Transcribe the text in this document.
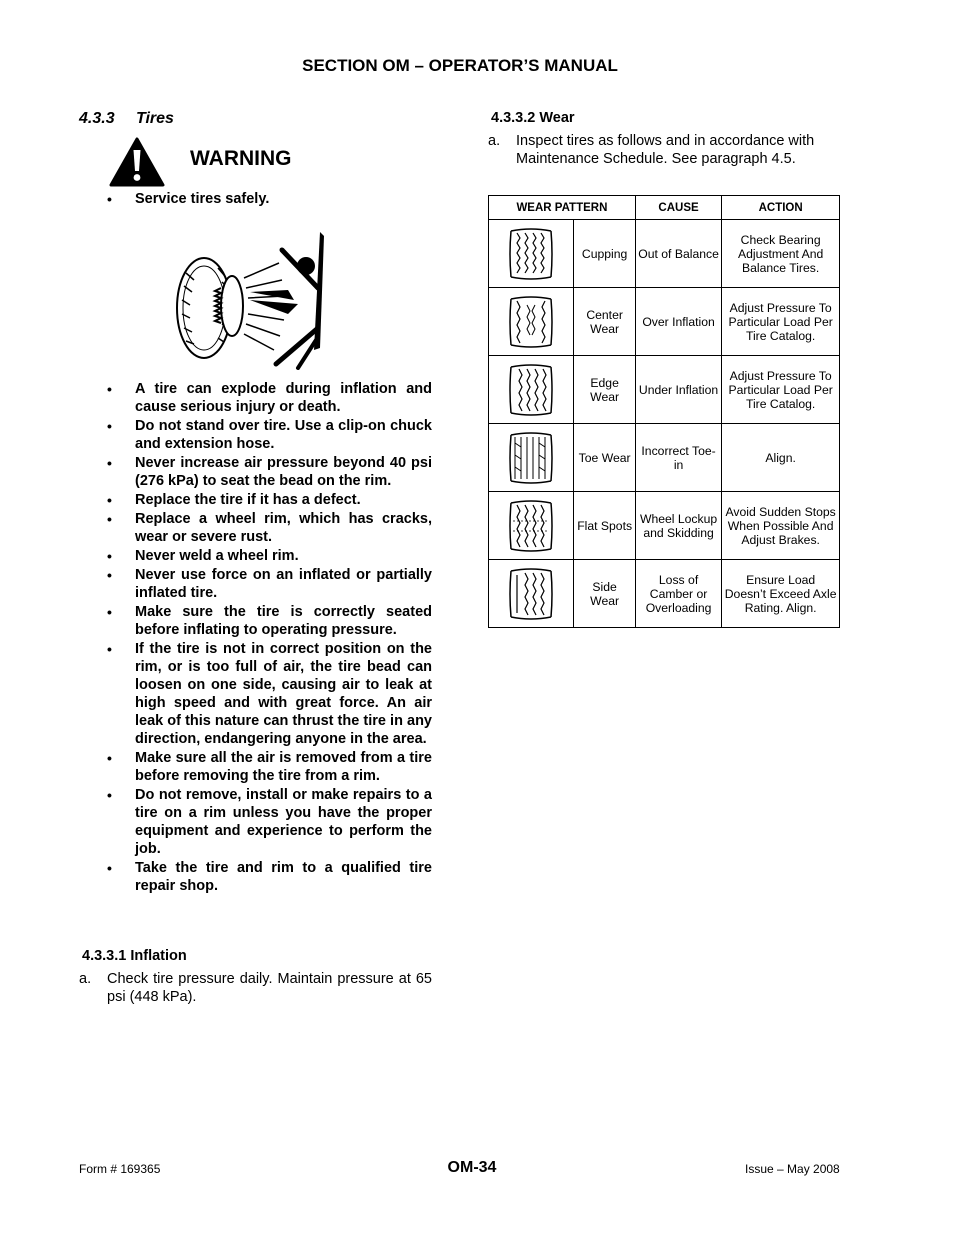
SECTION OM – OPERATOR’S MANUAL
4.3.3 Tires
WARNING
• Service tires safely.
• A tire can explode during inflation and cause serious injury or death.
• Do not stand over tire. Use a clip-on chuck and extension hose.
• Never increase air pressure beyond 40 psi (276 kPa) to seat the bead on the rim.
• Replace the tire if it has a defect.
• Replace a wheel rim, which has cracks, wear or severe rust.
• Never weld a wheel rim.
• Never use force on an inflated or partially inflated tire.
• Make sure the tire is correctly seated before inflating to operating pressure.
• If the tire is not in correct position on the rim, or is too full of air, the tire bead can loosen on one side, causing air to leak at high speed and with great force. An air leak of this nature can thrust the tire in any direction, endangering anyone in the area.
• Make sure all the air is removed from a tire before removing the tire from a rim.
• Do not remove, install or make repairs to a tire on a rim unless you have the proper equipment and experience to perform the job.
• Take the tire and rim to a qualified tire repair shop.
4.3.3.1 Inflation
a.	Check tire pressure daily. Maintain pressure at 65 psi (448 kPa).
4.3.3.2 Wear
a.	Inspect tires as follows and in accordance with Maintenance Schedule. See paragraph 4.5.
WEAR PATTERN		CAUSE	ACTION

	Cupping	Out of Balance	Check Bearing Adjustment And Balance Tires.

	Center Wear	Over Inflation	Adjust Pressure To Particular Load Per Tire Catalog.

	Edge Wear	Under Inflation	Adjust Pressure To Particular Load Per Tire Catalog.

	Toe Wear	Incorrect Toe-in	Align.

	Flat Spots	Wheel Lockup and Skidding	Avoid Sudden Stops When Possible And Adjust Brakes.

	Side Wear	Loss of Camber or Overloading	Ensure Load Doesn’t Exceed Axle Rating. Align.
Form # 169365	OM-34	Issue – May 2008
